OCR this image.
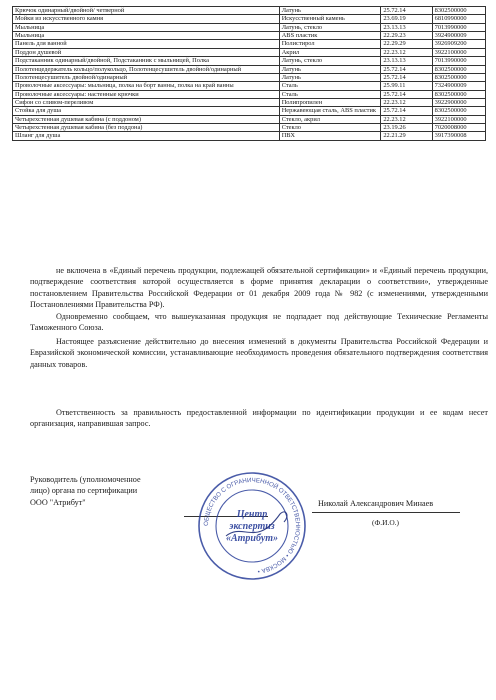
Крючок одинарный/двойной/ четверной	Латунь	25.72.14	8302500000
Мойки из искусственного камня	Искусственный камень	23.69.19	6810990000
Мыльница	Латунь, стекло	23.13.13	7013990000
Мыльница	ABS пластик	22.29.23	3924900009
Панель для ванной	Полистирол	22.29.29	3926909200
Поддон душевой	Акрил	22.23.12	3922100000
Подстаканник одинарный/двойной, Подстаканник с мыльницей, Полка	Латунь, стекло	23.13.13	7013990000
Полотенцедержатель кольцо/полукольцо, Полотенцесушитель двойной/одинарный	Латунь	25.72.14	8302500000
Полотенцесушитель двойной/одинарный	Латунь	25.72.14	8302500000
Проволочные аксессуары: мыльница, полка на борт ванны, полка на край ванны	Сталь	25.99.11	7324900009
Проволочные аксессуары: настенные крючки	Сталь	25.72.14	8302500000
Сифон со сливом-переливом	Полипропилен	22.23.12	3922900000
Стойка для душа	Нержавеющая сталь, ABS пластик	25.72.14	8302500000
Четырехстенная душевая кабина (с поддоном)	Стекло, акрил	22.23.12	3922100000
Четырехстенная душевая кабина (без поддона)	Стекло	23.19.26	7020008000
Шланг для душа	ПВХ	22.21.29	3917390008

не включена в «Единый перечень продукции, подлежащей обязательной сертификации» и «Единый перечень продукции, подтверждение соответствия которой осуществляется в форме принятия декларации о соответствии», утвержденные постановлением Правительства Российской Федерации от 01 декабря 2009 года № 982 (с изменениями, утвержденными Постановлениями Правительства РФ).

Одновременно сообщаем, что вышеуказанная продукция не подпадает под действующие Технические Регламенты Таможенного Союза.

Настоящее разъяснение действительно до внесения изменений в документы Правительства Российской Федерации и Евразийской экономической комиссии, устанавливающие необходимость проведения обязательного подтверждения соответствия данных товаров.

Ответственность за правильность предоставленной информации по идентификации продукции и ее кодам несет организация, направившая запрос.

Руководитель (уполномоченное
лицо) органа по сертификации
ООО "Атрибут"
ОБЩЕСТВО С ОГРАНИЧЕННОЙ ОТВЕТСТВЕННОСТЬЮ • МОСКВА •
Центр
экспертиз
«Атрибут»
Николай Александрович Минаев
(Ф.И.О.)
